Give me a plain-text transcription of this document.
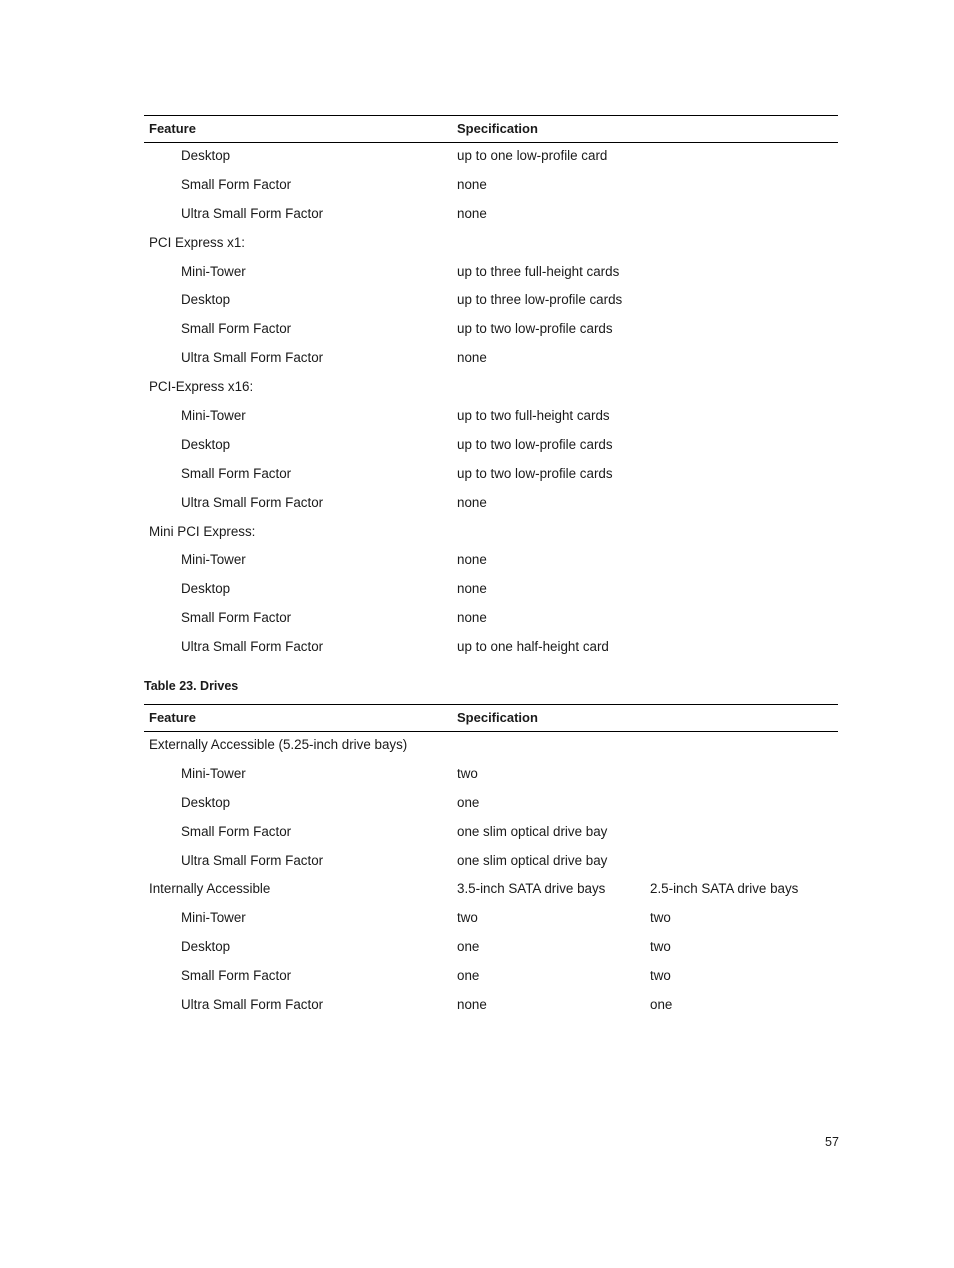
Feature	Specification
Desktop	up to one low-profile card
Small Form Factor	none
Ultra Small Form Factor	none
PCI Express x1:
Mini-Tower	up to three full-height cards
Desktop	up to three low-profile cards
Small Form Factor	up to two low-profile cards
Ultra Small Form Factor	none
PCI-Express x16:
Mini-Tower	up to two full-height cards
Desktop	up to two low-profile cards
Small Form Factor	up to two low-profile cards
Ultra Small Form Factor	none
Mini PCI Express:
Mini-Tower	none
Desktop	none
Small Form Factor	none
Ultra Small Form Factor	up to one half-height card
Table 23. Drives
Feature	Specification
Externally Accessible (5.25-inch drive bays)
Mini-Tower	two
Desktop	one
Small Form Factor	one slim optical drive bay
Ultra Small Form Factor	one slim optical drive bay
Internally Accessible	3.5-inch SATA drive bays	2.5-inch SATA drive bays
Mini-Tower	two	two
Desktop	one	two
Small Form Factor	one	two
Ultra Small Form Factor	none	one
57
